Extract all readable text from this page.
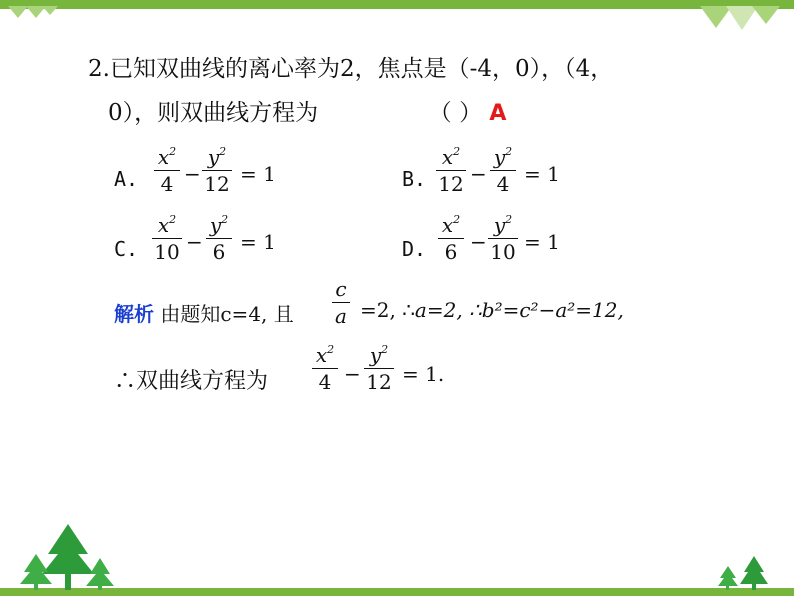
2.已知双曲线的离心率为2，焦点是（-4，0），（4，
0），则双曲线方程为	（ ） A
A.
$x^2$
4 −
$y^2$
12 = 1	B.
$x^2$
12 −
$y^2$
4 = 1
C.
$x^2$
10 −
$y^2$
6 = 1	D.
$x^2$
6 −
$y^2$
10 = 1
解析 由题知c=4, 且
c
a =2, ∴a=2, ∴b²=c²−a²=12,
∴双曲线方程为
$x^2$
4 −
$y^2$
12 = 1.
